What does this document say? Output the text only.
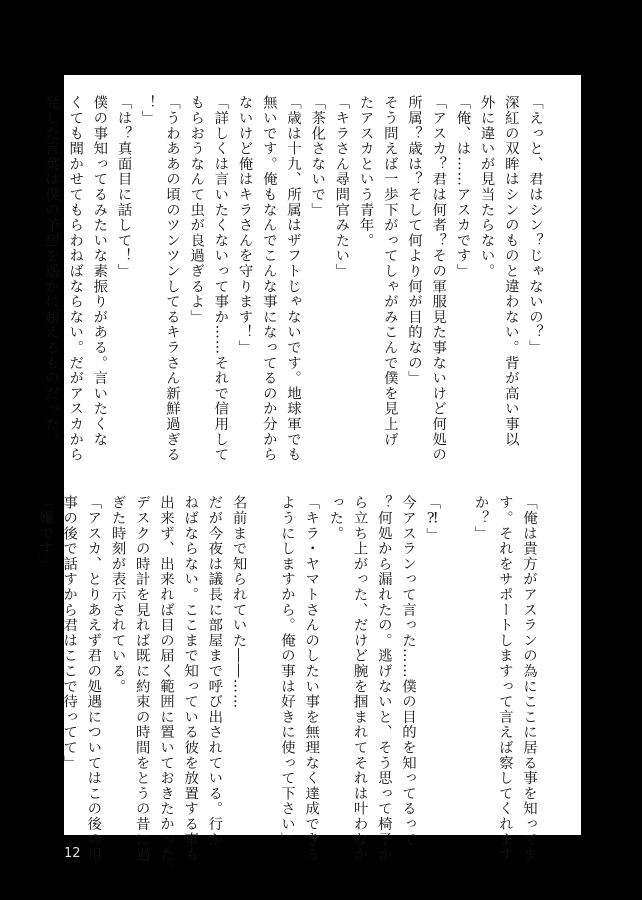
「えっと、君はシン？じゃないの？」
深紅の双眸はシンのものと違わない。背が高い事以
外に違いが見当たらない。
「俺、は……アスカです」
「アスカ？君は何者？その軍服見た事ないけど何処の
所属？歳は？そして何より何が目的なの」
そう問えば一歩下がってしゃがみこんで僕を見上げ
たアスカという青年。
「キラさん尋問官みたい」
「茶化さないで」
「歳は十九、所属はザフトじゃないです。地球軍でも
無いです。俺もなんでこんな事になってるのか分から
ないけど俺はキラさんを守ります！」
「詳しくは言いたくないって事か……それで信用して
もらおうなんて虫が良過ぎるよ」
「うわああの頃のツンツンしてるキラさん新鮮過ぎる
！」
「は？真面目に話して！」
僕の事知ってるみたいな素振りがある。言いたくな
くても聞かせてもらわねばならない。だがアスカから
発した言葉は僕の予想を遥かに超えるものだった。
「俺は貴方がアスランの為にここに居る事を知ってま
す。それをサポートしますって言えば察してくれます
か？」

「⁈」
今アスランって言った……僕の目的を知ってるって
？何処から漏れたの。逃げないと、そう思って椅子か
ら立ち上がった、だけど腕を掴まれてそれは叶わなか
った。
「キラ・ヤマトさんのしたい事を無理なく達成できる
ようにしますから。俺の事は好きに使って下さい」

名前まで知られていた――……
だが今夜は議長に部屋まで呼び出されている。行か
ねばならない。ここまで知っている彼を放置する事も
出来ず、出来れば目の届く範囲に置いておきたかった。
デスクの時計を見れば既に約束の時間をとうの昔に過
ぎた時刻が表示されている。
「アスカ、とりあえず君の処遇についてはこの後の用
事の後で話すから君はここで待ってて」
「嫌です」
12
